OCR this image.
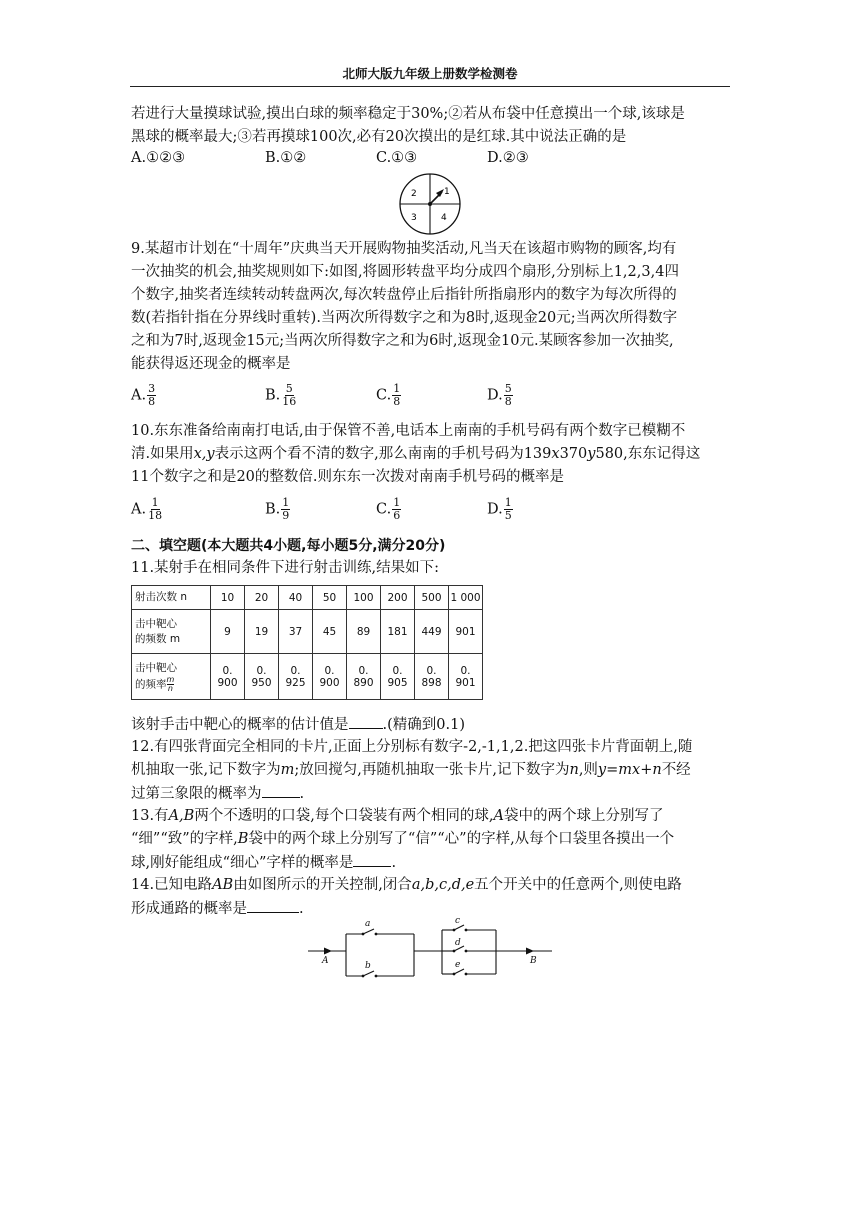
北师大版九年级上册数学检测卷
若进行大量摸球试验,摸出白球的频率稳定于30%;②若从布袋中任意摸出一个球,该球是
黑球的概率最大;③若再摸球100次,必有20次摸出的是红球.其中说法正确的是
A.①②③	B.①②	C.①③	D.②③
1
2
3	4
9.某超市计划在“十周年”庆典当天开展购物抽奖活动,凡当天在该超市购物的顾客,均有
一次抽奖的机会,抽奖规则如下:如图,将圆形转盘平均分成四个扇形,分别标上1,2,3,4四
个数字,抽奖者连续转动转盘两次,每次转盘停止后指针所指扇形内的数字为每次所得的
数(若指针指在分界线时重转).当两次所得数字之和为8时,返现金20元;当两次所得数字
之和为7时,返现金15元;当两次所得数字之和为6时,返现金10元.某顾客参加一次抽奖,
能获得返还现金的概率是
A. $\frac{3}{8}$	B. $\frac{5}{16}$	C. $\frac{1}{8}$	D. $\frac{5}{8}$
10.东东准备给南南打电话,由于保管不善,电话本上南南的手机号码有两个数字已模糊不
清.如果用x,y表示这两个看不清的数字,那么南南的手机号码为139x370y580,东东记得这
11个数字之和是20的整数倍.则东东一次拨对南南手机号码的概率是
A. $\frac{1}{18}$	B. $\frac{1}{9}$	C. $\frac{1}{6}$	D. $\frac{1}{5}$
二、填空题(本大题共4小题,每小题5分,满分20分)
11.某射手在相同条件下进行射击训练,结果如下:
射击次数 n	10	20	40	50	100	200	500	1 000
击中靶心
的频数 m	9	19	37	45	89	181	449	901
击中靶心
的频率 $\frac{m}{n}$	0. 900	0. 950	0. 925	0. 900	0. 890	0. 905	0. 898	0. 901
该射手击中靶心的概率的估计值是 .(精确到0.1)
12.有四张背面完全相同的卡片,正面上分别标有数字-2,-1,1,2.把这四张卡片背面朝上,随
机抽取一张,记下数字为m;放回搅匀,再随机抽取一张卡片,记下数字为n,则y=mx+n不经
过第三象限的概率为	.
13.有A,B两个不透明的口袋,每个口袋装有两个相同的球,A袋中的两个球上分别写了
“细”“致”的字样,B袋中的两个球上分别写了“信”“心”的字样,从每个口袋里各摸出一个
球,刚好能组成“细心”字样的概率是	.
14.已知电路AB由如图所示的开关控制,闭合a,b,c,d,e五个开关中的任意两个,则使电路
形成通路的概率是	.
A	B
a
b
c
d
e
